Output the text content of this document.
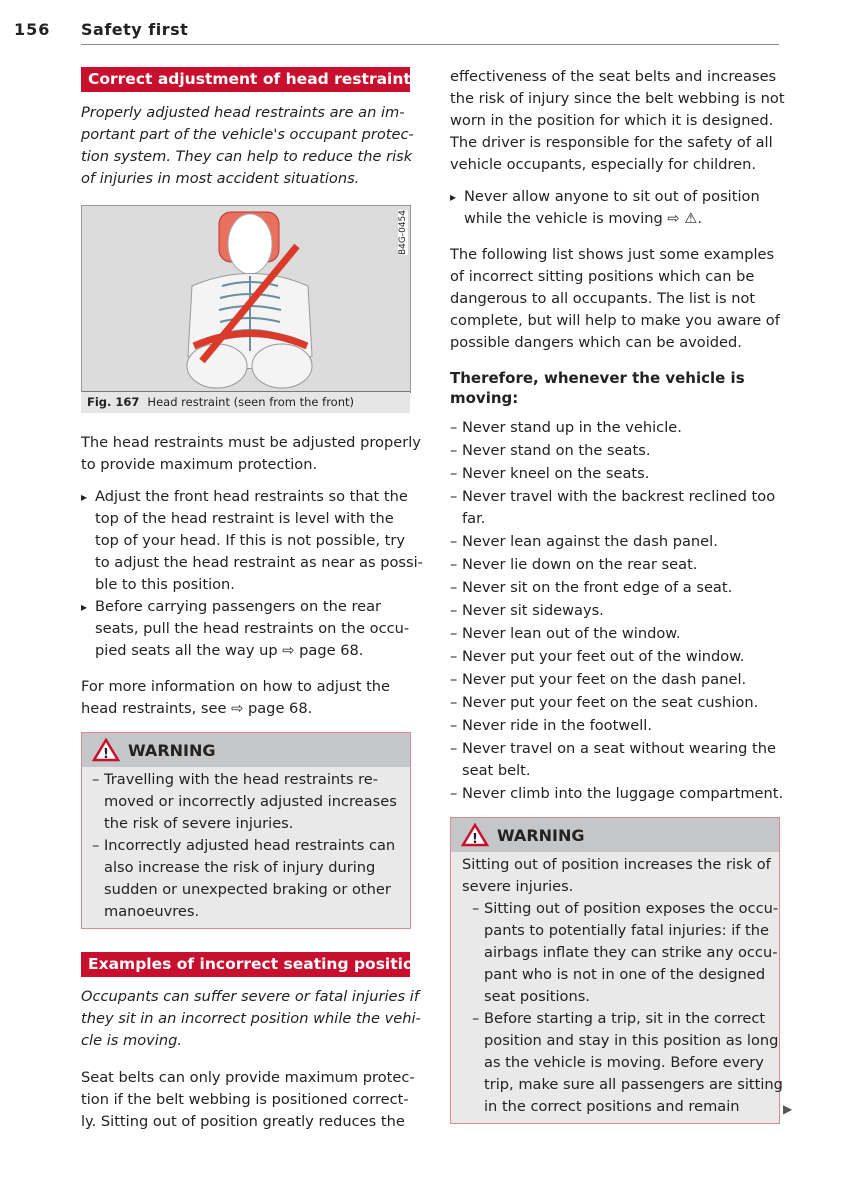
156 Safety first
Correct adjustment of head restraints
Properly adjusted head restraints are an im-
portant part of the vehicle's occupant protec-
tion system. They can help to reduce the risk
of injuries in most accident situations.
B4G-0454
Fig. 167 Head restraint (seen from the front)
The head restraints must be adjusted properly
to provide maximum protection.
▸ Adjust the front head restraints so that the
top of the head restraint is level with the
top of your head. If this is not possible, try
to adjust the head restraint as near as possi-
ble to this position.
▸ Before carrying passengers on the rear
seats, pull the head restraints on the occu-
pied seats all the way up ⇨ page 68.
For more information on how to adjust the
head restraints, see ⇨ page 68.
! WARNING
– Travelling with the head restraints re-
moved or incorrectly adjusted increases
the risk of severe injuries.
– Incorrectly adjusted head restraints can
also increase the risk of injury during
sudden or unexpected braking or other
manoeuvres.
Examples of incorrect seating positions
Occupants can suffer severe or fatal injuries if
they sit in an incorrect position while the vehi-
cle is moving.
Seat belts can only provide maximum protec-
tion if the belt webbing is positioned correct-
ly. Sitting out of position greatly reduces the
effectiveness of the seat belts and increases
the risk of injury since the belt webbing is not
worn in the position for which it is designed.
The driver is responsible for the safety of all
vehicle occupants, especially for children.
▸ Never allow anyone to sit out of position
while the vehicle is moving ⇨ ⚠.
The following list shows just some examples
of incorrect sitting positions which can be
dangerous to all occupants. The list is not
complete, but will help to make you aware of
possible dangers which can be avoided.
Therefore, whenever the vehicle is
moving:
– Never stand up in the vehicle.
– Never stand on the seats.
– Never kneel on the seats.
– Never travel with the backrest reclined too
far.
– Never lean against the dash panel.
– Never lie down on the rear seat.
– Never sit on the front edge of a seat.
– Never sit sideways.
– Never lean out of the window.
– Never put your feet out of the window.
– Never put your feet on the dash panel.
– Never put your feet on the seat cushion.
– Never ride in the footwell.
– Never travel on a seat without wearing the
seat belt.
– Never climb into the luggage compartment.
! WARNING
Sitting out of position increases the risk of
severe injuries.
– Sitting out of position exposes the occu-
pants to potentially fatal injuries: if the
airbags inflate they can strike any occu-
pant who is not in one of the designed
seat positions.
– Before starting a trip, sit in the correct
position and stay in this position as long
as the vehicle is moving. Before every
trip, make sure all passengers are sitting
in the correct positions and remain	▶
